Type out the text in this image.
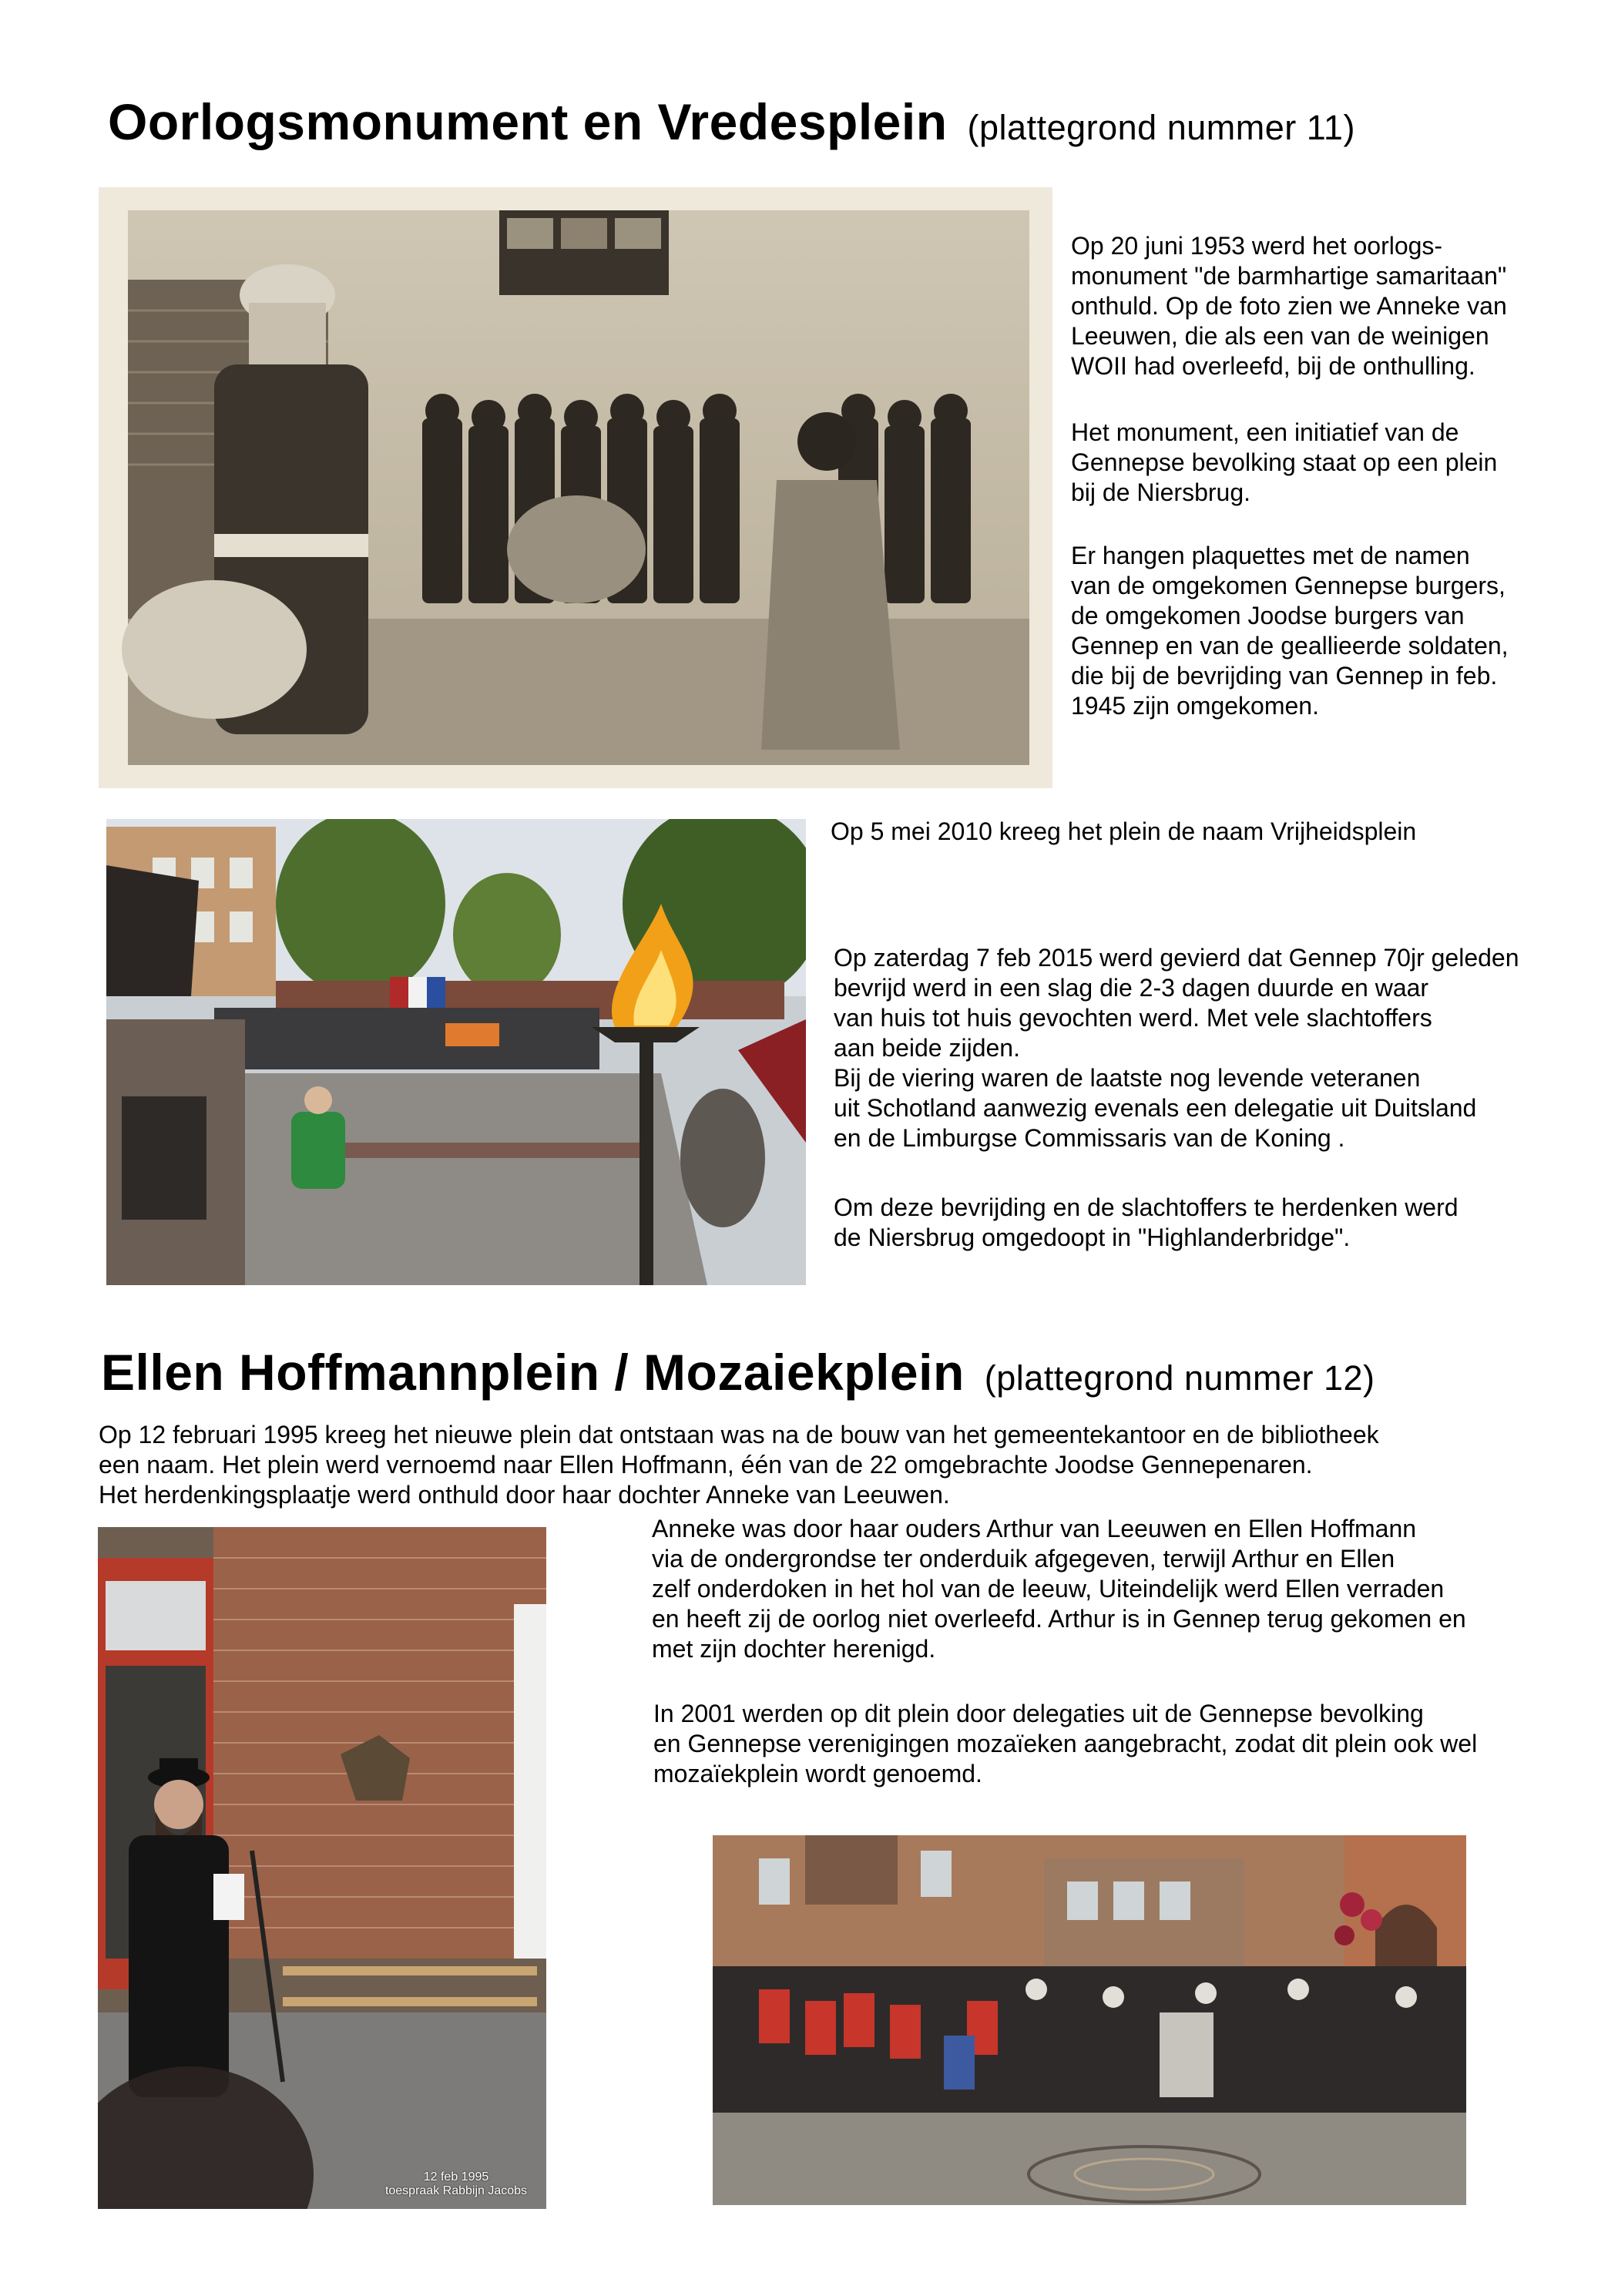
Oorlogsmonument en Vredesplein (plattegrond nummer 11)
Op 20 juni 1953 werd het oorlogs-
monument "de barmhartige samaritaan"
onthuld. Op de foto zien we Anneke van
Leeuwen, die als een van de weinigen
WOII had overleefd, bij de onthulling.
Het monument, een initiatief van de
Gennepse bevolking staat op een plein
bij de Niersbrug.
Er hangen plaquettes met de namen
van de omgekomen Gennepse burgers,
de omgekomen Joodse burgers van
Gennep en van de geallieerde soldaten,
die bij de bevrijding van Gennep in feb.
1945 zijn omgekomen.
Op 5 mei 2010 kreeg het plein de naam Vrijheidsplein
Op zaterdag 7 feb 2015 werd gevierd dat Gennep 70jr geleden
bevrijd werd in een slag die 2-3 dagen duurde en waar
van huis tot huis gevochten werd. Met vele slachtoffers
aan beide zijden.
Bij de viering waren de laatste nog levende veteranen
uit Schotland aanwezig evenals een delegatie uit Duitsland
en de Limburgse Commissaris van de Koning .
Om deze bevrijding en de slachtoffers te herdenken werd
de Niersbrug omgedoopt in "Highlanderbridge".
Ellen Hoffmannplein / Mozaiekplein (plattegrond nummer 12)
Op 12 februari 1995 kreeg het nieuwe plein dat ontstaan was na de bouw van het gemeentekantoor en de bibliotheek
een naam. Het plein werd vernoemd naar Ellen Hoffmann, één van de 22 omgebrachte Joodse Gennepenaren.
Het herdenkingsplaatje werd onthuld door haar dochter Anneke van Leeuwen.
12 feb 1995
toespraak Rabbijn Jacobs
Anneke was door haar ouders Arthur van Leeuwen en Ellen Hoffmann
via de ondergrondse ter onderduik afgegeven, terwijl Arthur en Ellen
zelf onderdoken in het hol van de leeuw, Uiteindelijk werd Ellen verraden
en heeft zij de oorlog niet overleefd. Arthur is in Gennep terug gekomen en
met zijn dochter herenigd.
In 2001 werden op dit plein door delegaties uit de Gennepse bevolking
en Gennepse verenigingen mozaïeken aangebracht, zodat dit plein ook wel
mozaïekplein wordt genoemd.
